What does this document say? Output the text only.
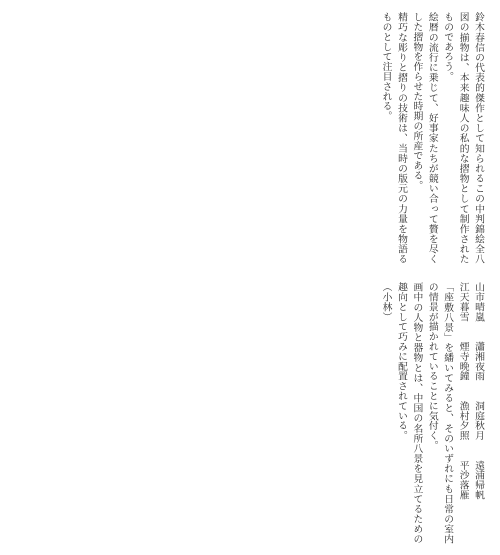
鈴木春信の代表的傑作として知られるこの中判錦絵全八図の揃物は、本来趣味人の私的な摺物として制作されたものであろう。

絵暦の流行に乗じて、好事家たちが競い合って贅を尽くした摺物を作らせた時期の所産である。

精巧な彫りと摺りの技術は、当時の版元の力量を物語るものとして注目される。

山市晴嵐　　瀟湘夜雨　　洞庭秋月　　遠浦帰帆

江天暮雪　　煙寺晩鐘　　漁村夕照　　平沙落雁

「座敷八景」を繙いてみると、そのいずれにも日常の室内の情景が描かれていることに気付く。

画中の人物と器物とは、中国の名所八景を見立てるための趣向として巧みに配置されている。

（小林）
